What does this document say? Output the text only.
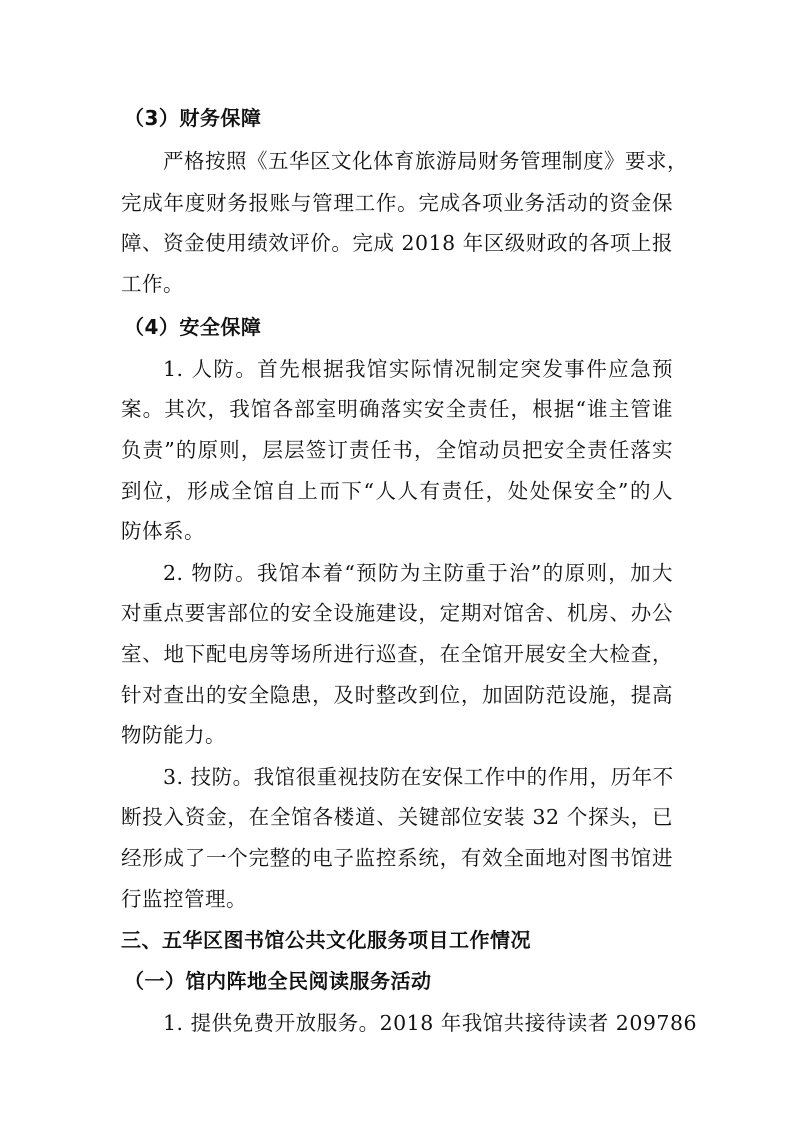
（3）财务保障
严格按照《五华区文化体育旅游局财务管理制度》要求，
完成年度财务报账与管理工作。完成各项业务活动的资金保
障、资金使用绩效评价。完成 2018 年区级财政的各项上报
工作。
（4）安全保障
1. 人防。首先根据我馆实际情况制定突发事件应急预
案。其次，我馆各部室明确落实安全责任，根据“谁主管谁
负责”的原则，层层签订责任书，全馆动员把安全责任落实
到位，形成全馆自上而下“人人有责任，处处保安全”的人
防体系。
2. 物防。我馆本着“预防为主防重于治”的原则，加大
对重点要害部位的安全设施建设，定期对馆舍、机房、办公
室、地下配电房等场所进行巡查，在全馆开展安全大检查，
针对查出的安全隐患，及时整改到位，加固防范设施，提高
物防能力。
3. 技防。我馆很重视技防在安保工作中的作用，历年不
断投入资金，在全馆各楼道、关键部位安装 32 个探头，已
经形成了一个完整的电子监控系统，有效全面地对图书馆进
行监控管理。
三、五华区图书馆公共文化服务项目工作情况
（一）馆内阵地全民阅读服务活动
1. 提供免费开放服务。2018 年我馆共接待读者 209786
